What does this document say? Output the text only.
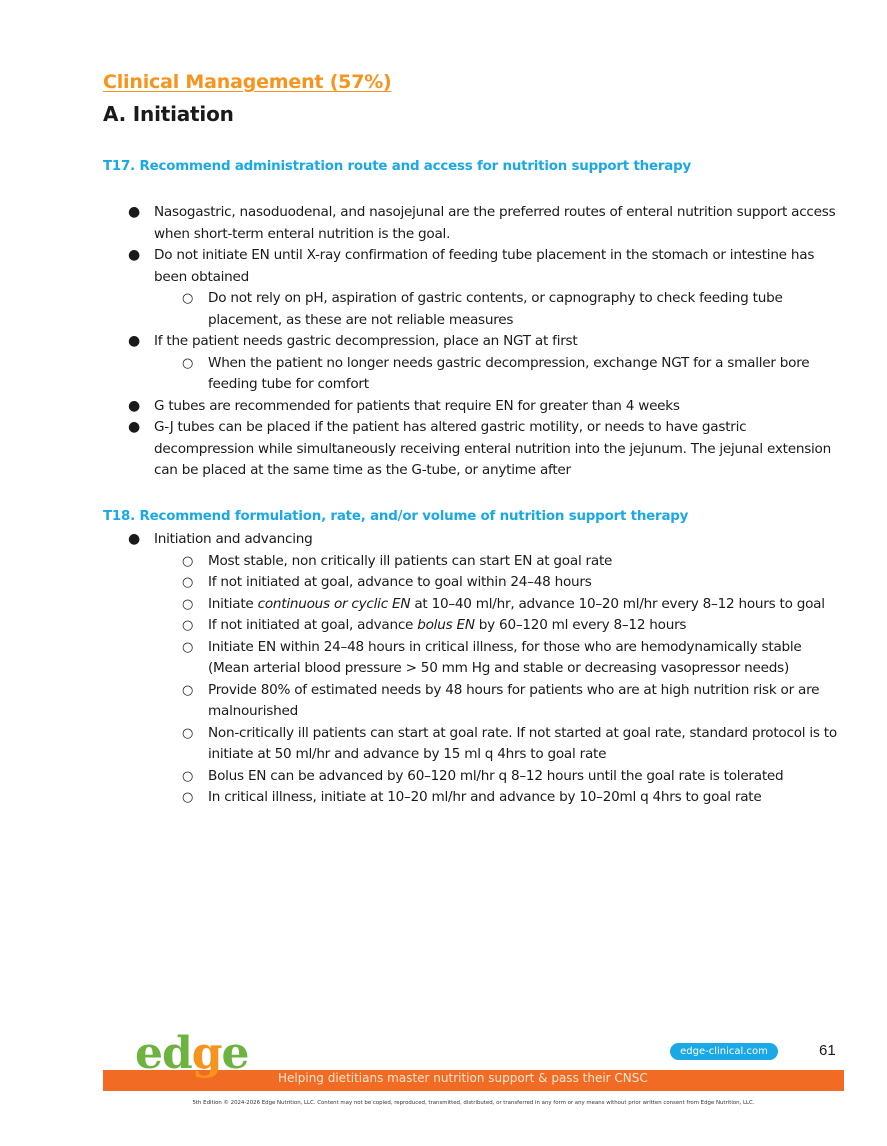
Clinical Management (57%)
A. Initiation
T17. Recommend administration route and access for nutrition support therapy
● Nasogastric, nasoduodenal, and nasojejunal are the preferred routes of enteral nutrition support access when short-term enteral nutrition is the goal.
● Do not initiate EN until X-ray confirmation of feeding tube placement in the stomach or intestine has been obtained
○ Do not rely on pH, aspiration of gastric contents, or capnography to check feeding tube placement, as these are not reliable measures
● If the patient needs gastric decompression, place an NGT at first
○ When the patient no longer needs gastric decompression, exchange NGT for a smaller bore feeding tube for comfort
● G tubes are recommended for patients that require EN for greater than 4 weeks
● G-J tubes can be placed if the patient has altered gastric motility, or needs to have gastric decompression while simultaneously receiving enteral nutrition into the jejunum. The jejunal extension can be placed at the same time as the G-tube, or anytime after
T18. Recommend formulation, rate, and/or volume of nutrition support therapy
● Initiation and advancing
○ Most stable, non critically ill patients can start EN at goal rate
○ If not initiated at goal, advance to goal within 24–48 hours
○ Initiate continuous or cyclic EN at 10–40 ml/hr, advance 10–20 ml/hr every 8–12 hours to goal
○ If not initiated at goal, advance bolus EN by 60–120 ml every 8–12 hours
○ Initiate EN within 24–48 hours in critical illness, for those who are hemodynamically stable (Mean arterial blood pressure > 50 mm Hg and stable or decreasing vasopressor needs)
○ Provide 80% of estimated needs by 48 hours for patients who are at high nutrition risk or are malnourished
○ Non-critically ill patients can start at goal rate. If not started at goal rate, standard protocol is to initiate at 50 ml/hr and advance by 15 ml q 4hrs to goal rate
○ Bolus EN can be advanced by 60–120 ml/hr q 8–12 hours until the goal rate is tolerated
○ In critical illness, initiate at 10–20 ml/hr and advance by 10–20ml q 4hrs to goal rate
edge Helping dietitians master nutrition support & pass their CNSC
edge-clinical.com	61
5th Edition © 2024-2026 Edge Nutrition, LLC. Content may not be copied, reproduced, transmitted, distributed, or transferred in any form or any means without prior written consent from Edge Nutrition, LLC.
